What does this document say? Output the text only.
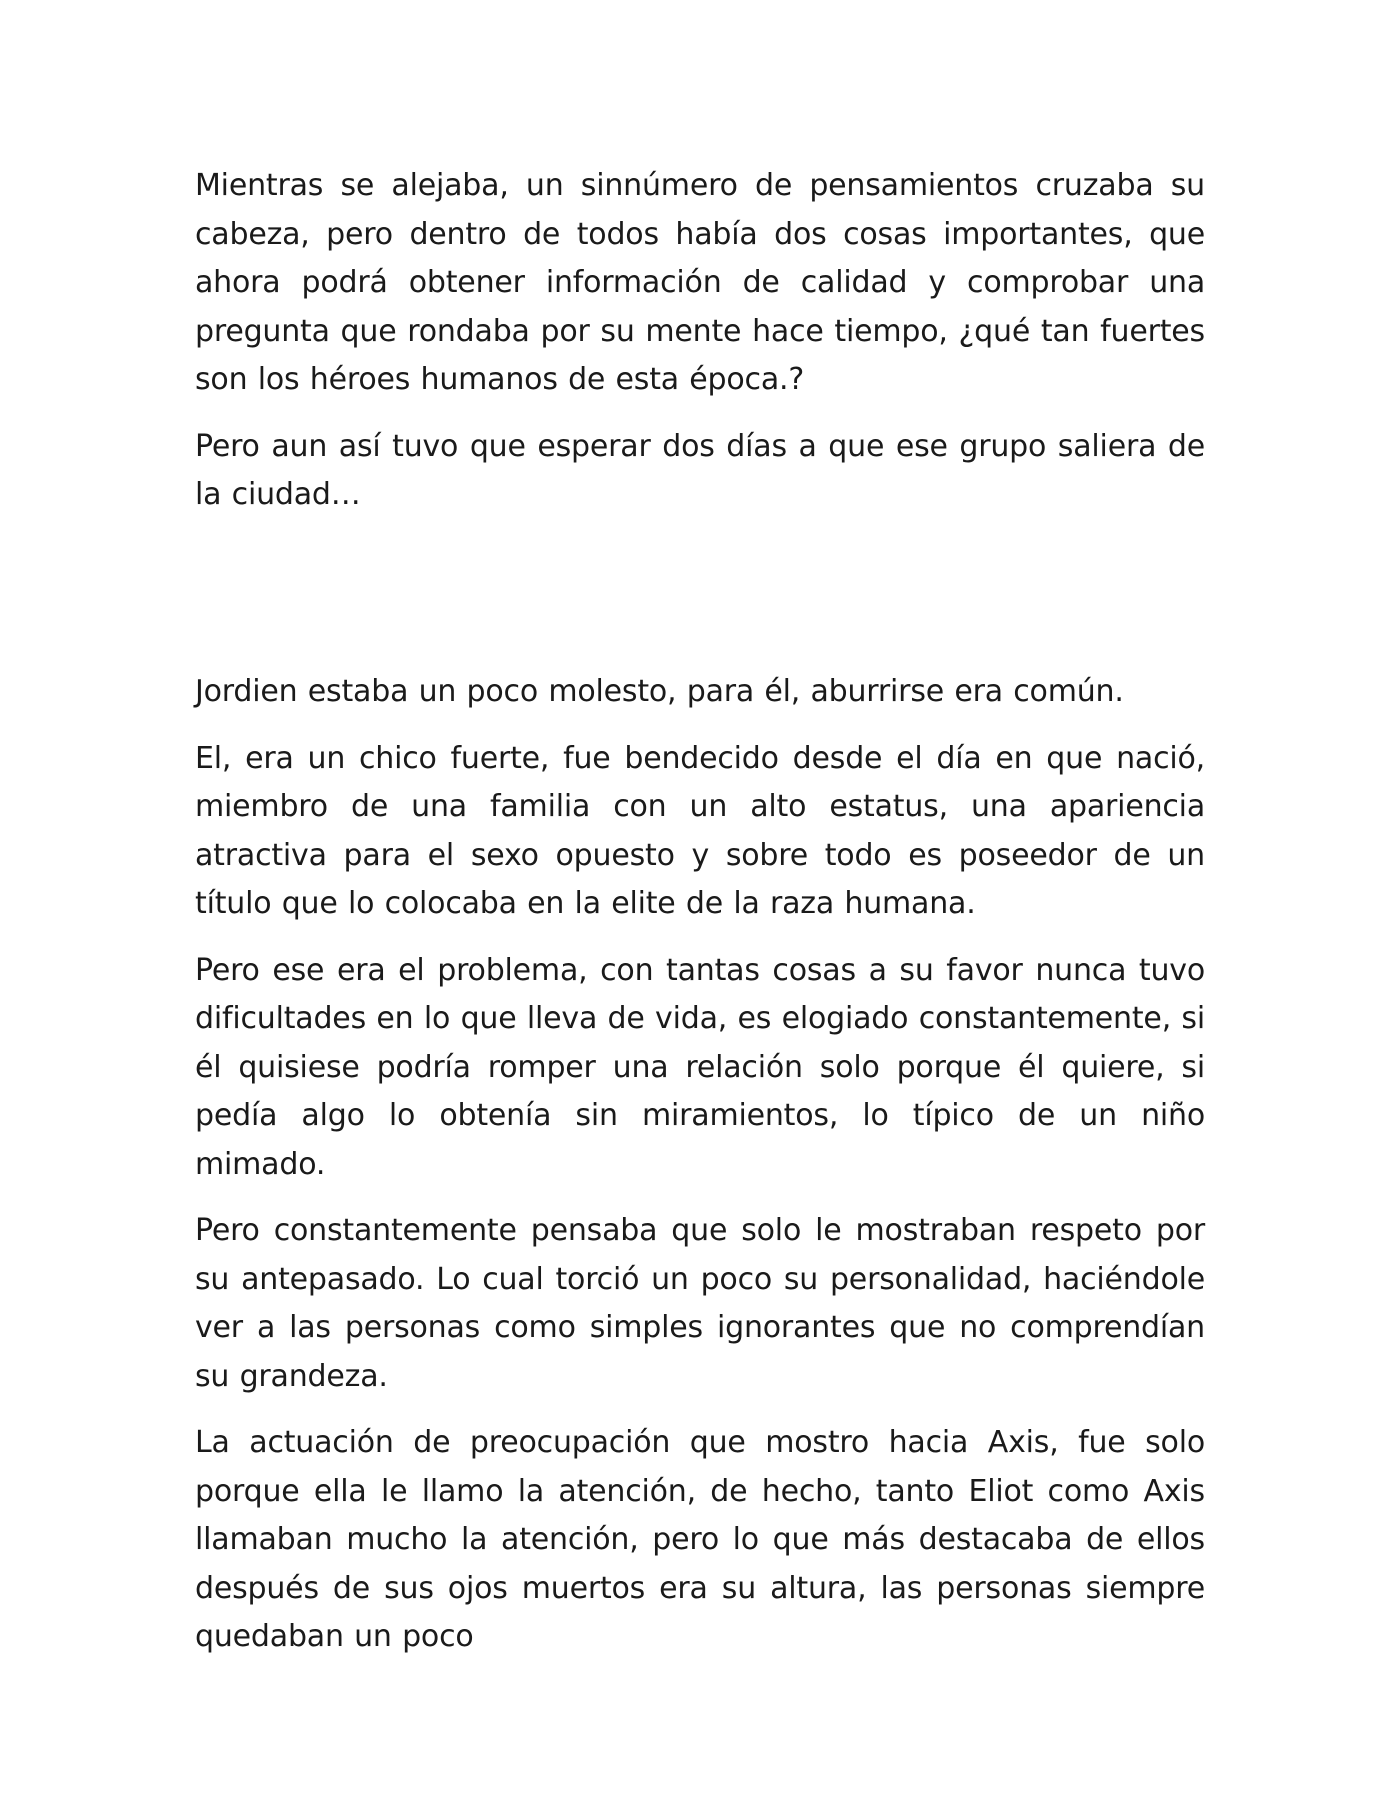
Mientras se alejaba, un sinnúmero de pensamientos cruzaba su cabeza, pero dentro de todos había dos cosas importantes, que ahora podrá obtener información de calidad y comprobar una pregunta que rondaba por su mente hace tiempo, ¿qué tan fuertes son los héroes humanos de esta época.?

Pero aun así tuvo que esperar dos días a que ese grupo saliera de la ciudad…

Jordien estaba un poco molesto, para él, aburrirse era común.

El, era un chico fuerte, fue bendecido desde el día en que nació, miembro de una familia con un alto estatus, una apariencia atractiva para el sexo opuesto y sobre todo es poseedor de un título que lo colocaba en la elite de la raza humana.

Pero ese era el problema, con tantas cosas a su favor nunca tuvo dificultades en lo que lleva de vida, es elogiado constantemente, si él quisiese podría romper una relación solo porque él quiere, si pedía algo lo obtenía sin miramientos, lo típico de un niño mimado.

Pero constantemente pensaba que solo le mostraban respeto por su antepasado. Lo cual torció un poco su personalidad, haciéndole ver a las personas como simples ignorantes que no comprendían su grandeza.

La actuación de preocupación que mostro hacia Axis, fue solo porque ella le llamo la atención, de hecho, tanto Eliot como Axis llamaban mucho la atención, pero lo que más destacaba de ellos después de sus ojos muertos era su altura, las personas siempre quedaban un poco
